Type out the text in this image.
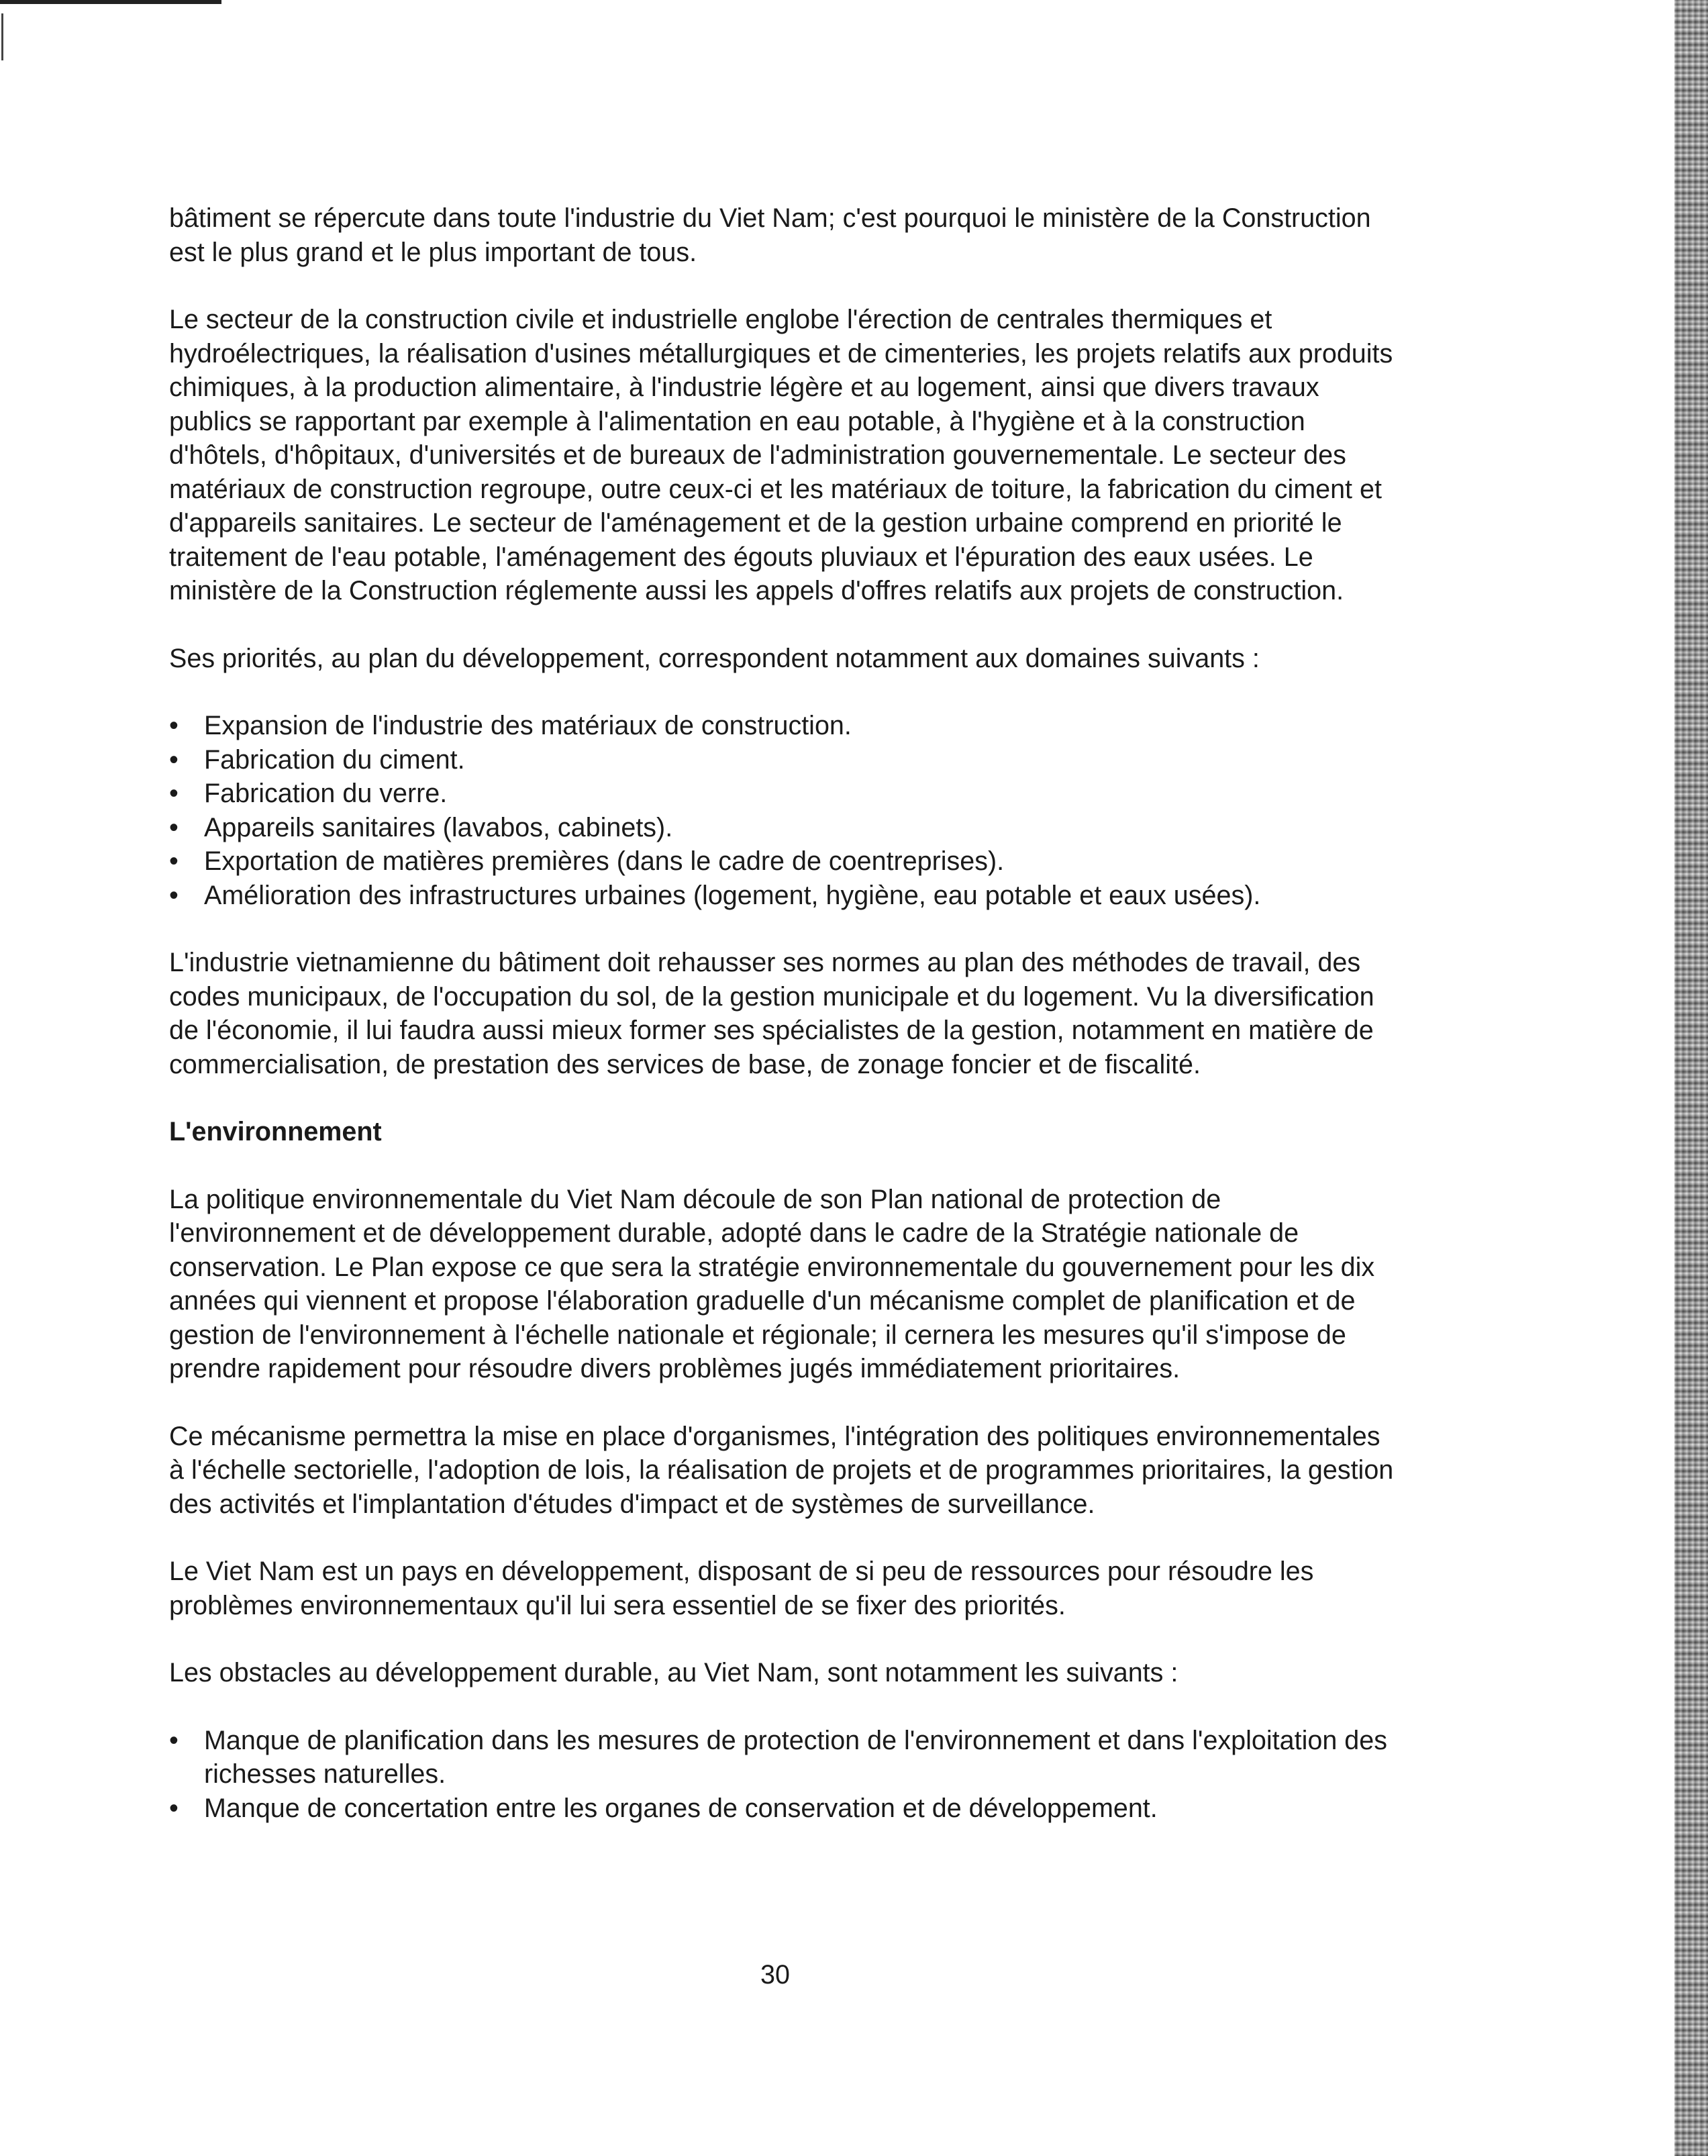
bâtiment se répercute dans toute l'industrie du Viet Nam; c'est pourquoi le ministère de la Construction est le plus grand et le plus important de tous.

Le secteur de la construction civile et industrielle englobe l'érection de centrales thermiques et hydroélectriques, la réalisation d'usines métallurgiques et de cimenteries, les projets relatifs aux produits chimiques, à la production alimentaire, à l'industrie légère et au logement, ainsi que divers travaux publics se rapportant par exemple à l'alimentation en eau potable, à l'hygiène et à la construction d'hôtels, d'hôpitaux, d'universités et de bureaux de l'administration gouvernementale. Le secteur des matériaux de construction regroupe, outre ceux-ci et les matériaux de toiture, la fabrication du ciment et d'appareils sanitaires. Le secteur de l'aménagement et de la gestion urbaine comprend en priorité le traitement de l'eau potable, l'aménagement des égouts pluviaux et l'épuration des eaux usées. Le ministère de la Construction réglemente aussi les appels d'offres relatifs aux projets de construction.

Ses priorités, au plan du développement, correspondent notamment aux domaines suivants :

• Expansion de l'industrie des matériaux de construction.
• Fabrication du ciment.
• Fabrication du verre.
• Appareils sanitaires (lavabos, cabinets).
• Exportation de matières premières (dans le cadre de coentreprises).
• Amélioration des infrastructures urbaines (logement, hygiène, eau potable et eaux usées).

L'industrie vietnamienne du bâtiment doit rehausser ses normes au plan des méthodes de travail, des codes municipaux, de l'occupation du sol, de la gestion municipale et du logement. Vu la diversification de l'économie, il lui faudra aussi mieux former ses spécialistes de la gestion, notamment en matière de commercialisation, de prestation des services de base, de zonage foncier et de fiscalité.

L'environnement

La politique environnementale du Viet Nam découle de son Plan national de protection de l'environnement et de développement durable, adopté dans le cadre de la Stratégie nationale de conservation. Le Plan expose ce que sera la stratégie environnementale du gouvernement pour les dix années qui viennent et propose l'élaboration graduelle d'un mécanisme complet de planification et de gestion de l'environnement à l'échelle nationale et régionale; il cernera les mesures qu'il s'impose de prendre rapidement pour résoudre divers problèmes jugés immédiatement prioritaires.

Ce mécanisme permettra la mise en place d'organismes, l'intégration des politiques environnementales à l'échelle sectorielle, l'adoption de lois, la réalisation de projets et de programmes prioritaires, la gestion des activités et l'implantation d'études d'impact et de systèmes de surveillance.

Le Viet Nam est un pays en développement, disposant de si peu de ressources pour résoudre les problèmes environnementaux qu'il lui sera essentiel de se fixer des priorités.

Les obstacles au développement durable, au Viet Nam, sont notamment les suivants :

• Manque de planification dans les mesures de protection de l'environnement et dans l'exploitation des richesses naturelles.
• Manque de concertation entre les organes de conservation et de développement.
30
